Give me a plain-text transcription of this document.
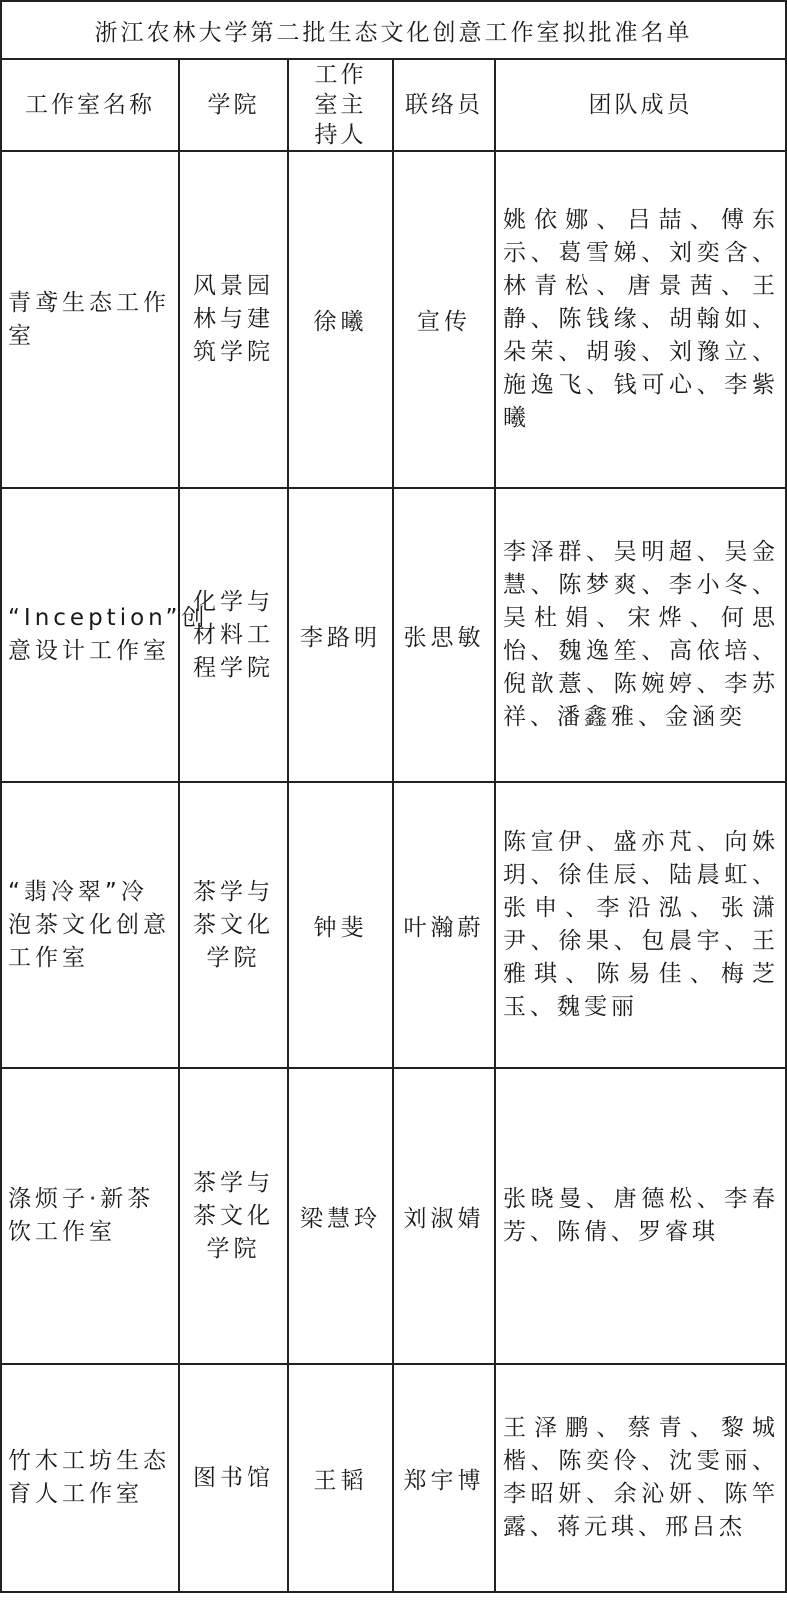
浙江农林大学第二批生态文化创意工作室拟批准名单				
工作室名称	学院	工作室主持人	联络员	团队成员
青鸢生态工作室	风景园林与建筑学院	徐曦	宣传	姚依娜、吕喆、傅东示、葛雪娣、刘奕含、林青松、唐景茜、王静、陈钱缘、胡翰如、朵荣、胡骏、刘豫立、施逸飞、钱可心、李紫曦
“Inception”创意设计工作室	化学与材料工程学院	李路明	张思敏	李泽群、吴明超、吴金慧、陈梦爽、李小冬、吴杜娟、宋烨、何思怡、魏逸笙、高依培、倪歆薏、陈婉婷、李苏祥、潘鑫雅、金涵奕
“翡冷翠”冷泡茶文化创意工作室	茶学与茶文化学院	钟斐	叶瀚蔚	陈宣伊、盛亦芃、向姝玥、徐佳辰、陆晨虹、张申、李沿泓、张潇尹、徐果、包晨宇、王雅琪、陈易佳、梅芝玉、魏雯丽
涤烦子·新茶饮工作室	茶学与茶文化学院	梁慧玲	刘淑婧	张晓曼、唐德松、李春芳、陈倩、罗睿琪
竹木工坊生态育人工作室	图书馆	王韬	郑宇博	王泽鹏、蔡青、黎城楷、陈奕伶、沈雯丽、李昭妍、余沁妍、陈竿露、蒋元琪、邢吕杰
